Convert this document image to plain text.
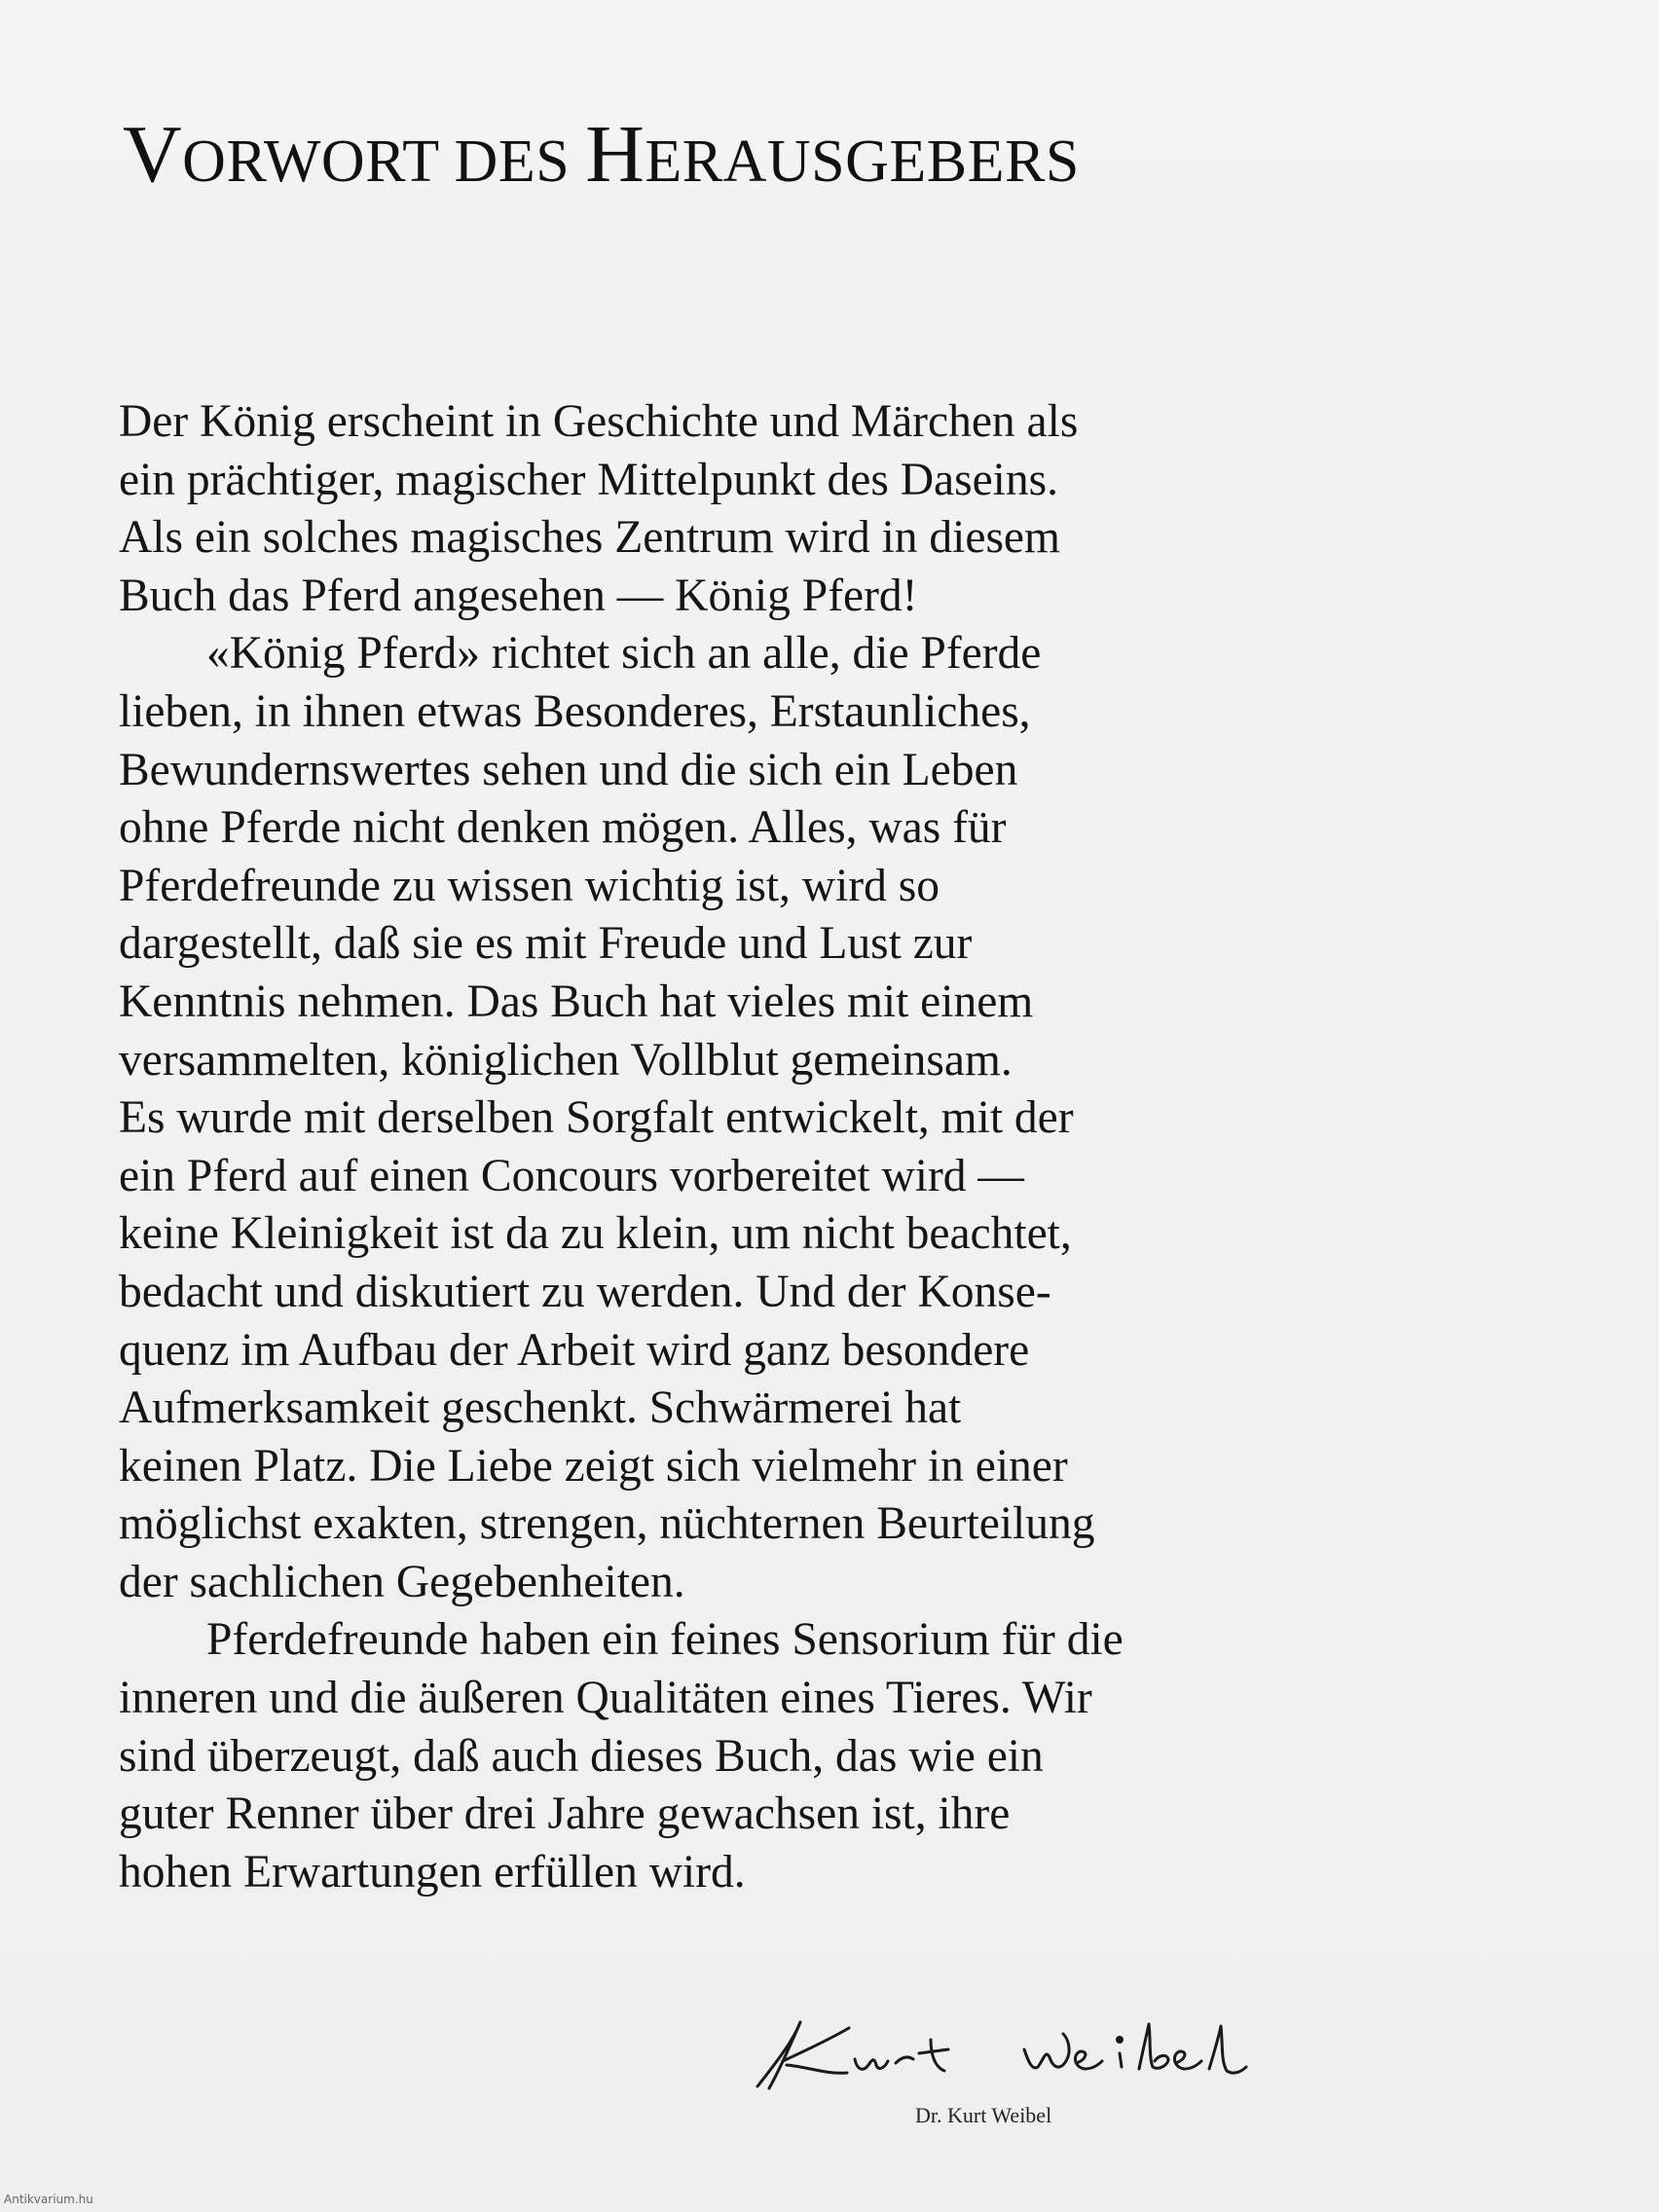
VORWORT DES HERAUSGEBERS
Der König erscheint in Geschichte und Märchen als
ein prächtiger, magischer Mittelpunkt des Daseins.
Als ein solches magisches Zentrum wird in diesem
Buch das Pferd angesehen — König Pferd!
«König Pferd» richtet sich an alle, die Pferde
lieben, in ihnen etwas Besonderes, Erstaunliches,
Bewundernswertes sehen und die sich ein Leben
ohne Pferde nicht denken mögen. Alles, was für
Pferdefreunde zu wissen wichtig ist, wird so
dargestellt, daß sie es mit Freude und Lust zur
Kenntnis nehmen. Das Buch hat vieles mit einem
versammelten, königlichen Vollblut gemeinsam.
Es wurde mit derselben Sorgfalt entwickelt, mit der
ein Pferd auf einen Concours vorbereitet wird —
keine Kleinigkeit ist da zu klein, um nicht beachtet,
bedacht und diskutiert zu werden. Und der Konse-
quenz im Aufbau der Arbeit wird ganz besondere
Aufmerksamkeit geschenkt. Schwärmerei hat
keinen Platz. Die Liebe zeigt sich vielmehr in einer
möglichst exakten, strengen, nüchternen Beurteilung
der sachlichen Gegebenheiten.
Pferdefreunde haben ein feines Sensorium für die
inneren und die äußeren Qualitäten eines Tieres. Wir
sind überzeugt, daß auch dieses Buch, das wie ein
guter Renner über drei Jahre gewachsen ist, ihre
hohen Erwartungen erfüllen wird.
Dr. Kurt Weibel
Antikvarium.hu
